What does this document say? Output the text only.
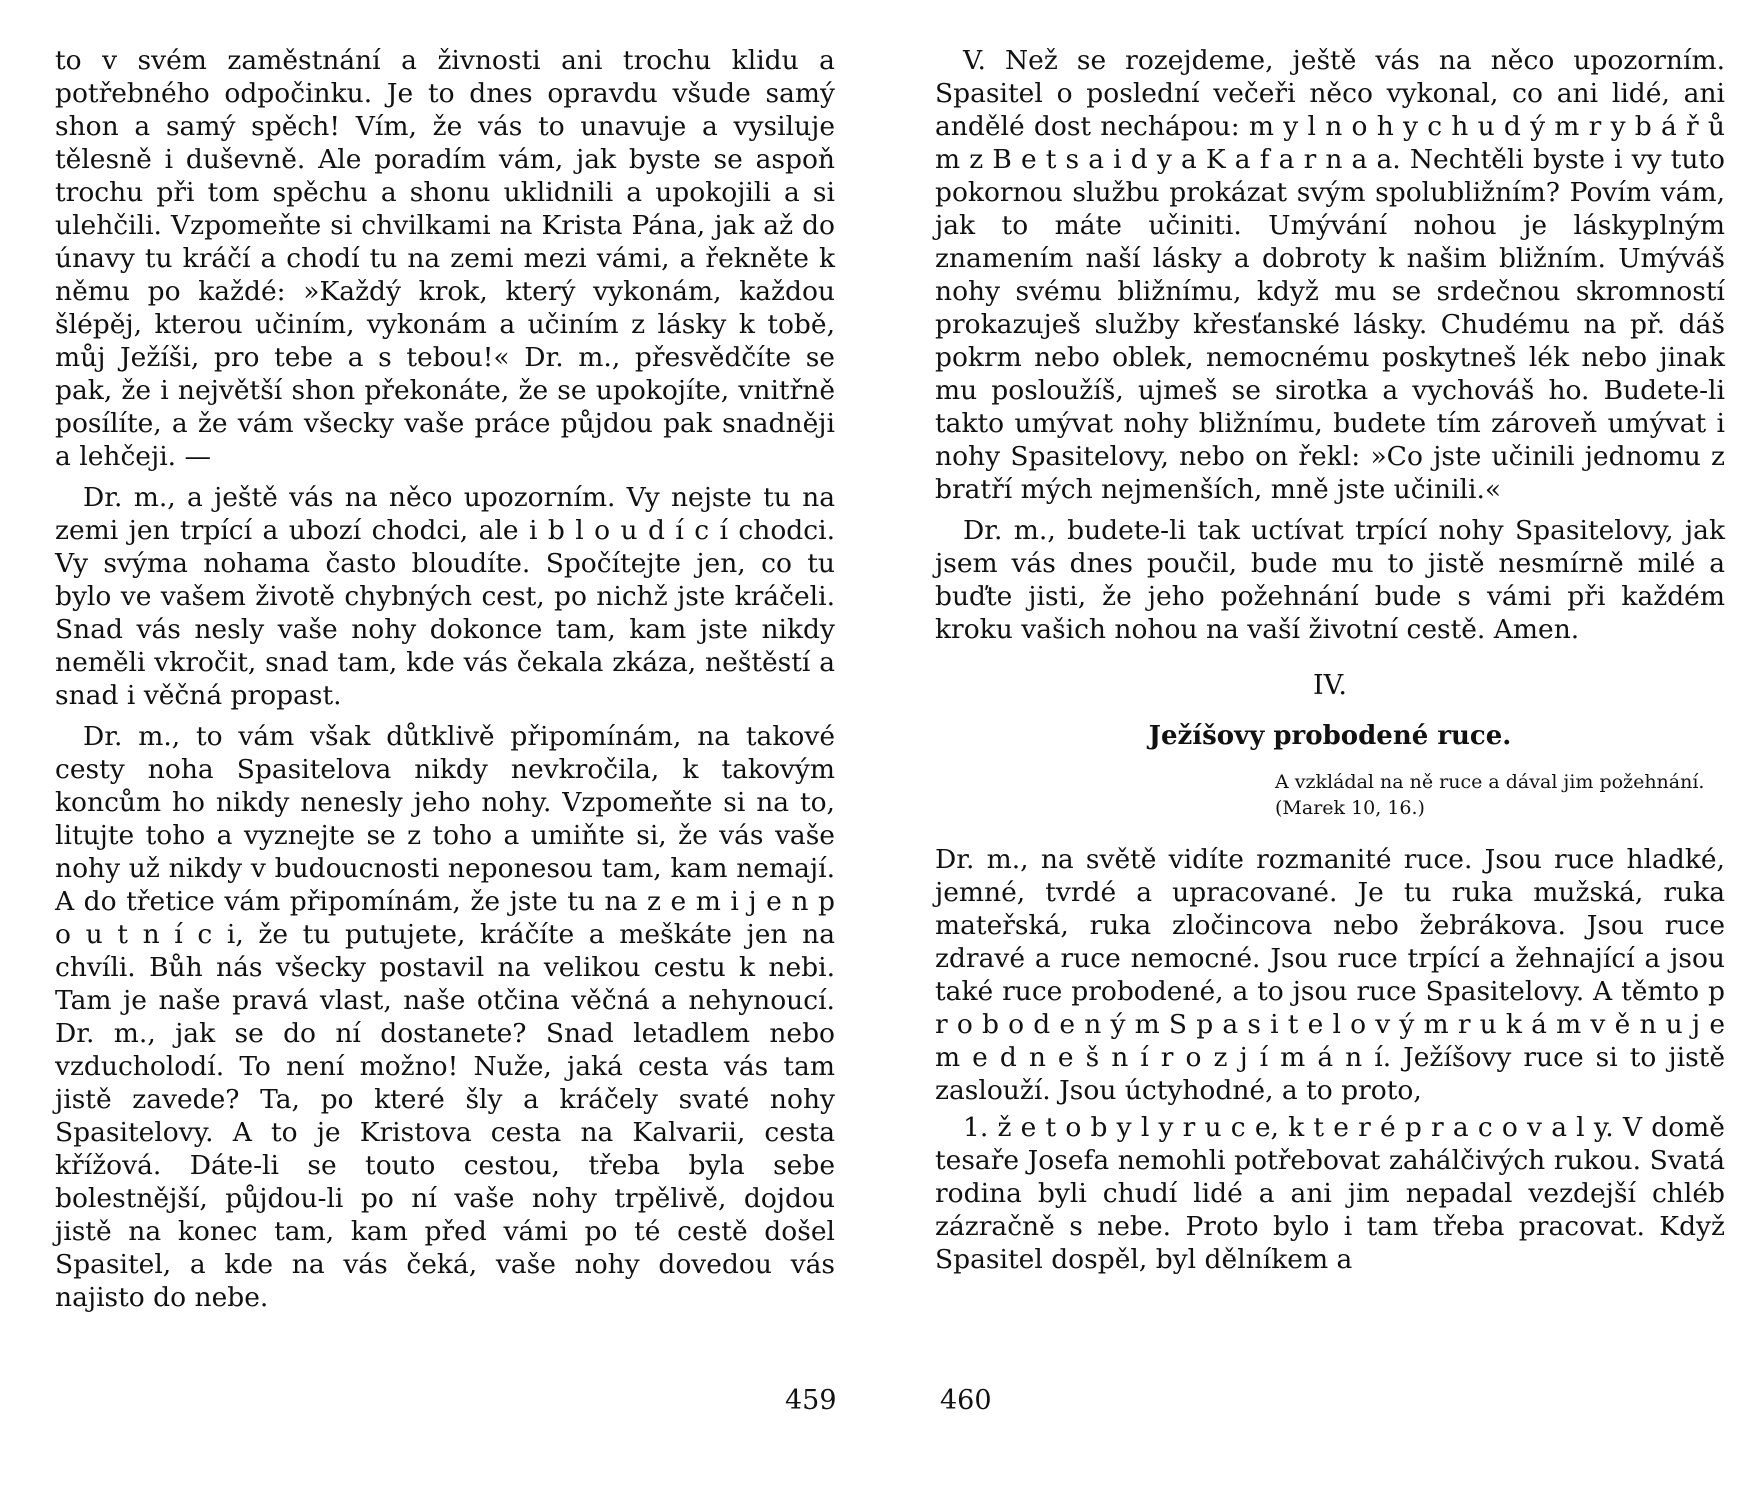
to v svém zaměstnání a živnosti ani trochu klidu a potřebného odpočinku. Je to dnes opravdu všude samý shon a samý spěch! Vím, že vás to unavuje a vysiluje tělesně i duševně. Ale poradím vám, jak byste se aspoň trochu při tom spěchu a shonu uklidnili a upokojili a si ulehčili. Vzpomeňte si chvilkami na Krista Pána, jak až do únavy tu kráčí a chodí tu na zemi mezi vámi, a řekněte k němu po každé: »Každý krok, který vykonám, každou šlépěj, kterou učiním, vykonám a učiním z lásky k tobě, můj Ježíši, pro tebe a s tebou!« Dr. m., přesvědčíte se pak, že i největší shon překonáte, že se upokojíte, vnitřně posílíte, a že vám všecky vaše práce půjdou pak snadněji a lehčeji. —

Dr. m., a ještě vás na něco upozorním. Vy nejste tu na zemi jen trpící a ubozí chodci, ale i b l o u d í c í chodci. Vy svýma nohama často bloudíte. Spočítejte jen, co tu bylo ve vašem životě chybných cest, po nichž jste kráčeli. Snad vás nesly vaše nohy dokonce tam, kam jste nikdy neměli vkročit, snad tam, kde vás čekala zkáza, neštěstí a snad i věčná propast.

Dr. m., to vám však důtklivě připomínám, na takové cesty noha Spasitelova nikdy nevkročila, k takovým koncům ho nikdy nenesly jeho nohy. Vzpomeňte si na to, litujte toho a vyznejte se z toho a umiňte si, že vás vaše nohy už nikdy v budoucnosti neponesou tam, kam nemají. A do třetice vám připomínám, že jste tu na z e m i j e n p o u t n í c i, že tu putujete, kráčíte a meškáte jen na chvíli. Bůh nás všecky postavil na velikou cestu k nebi. Tam je naše pravá vlast, naše otčina věčná a nehynoucí. Dr. m., jak se do ní dostanete? Snad letadlem nebo vzducholodí. To není možno! Nuže, jaká cesta vás tam jistě zavede? Ta, po které šly a kráčely svaté nohy Spasitelovy. A to je Kristova cesta na Kalvarii, cesta křížová. Dáte-li se touto cestou, třeba byla sebe bolestnější, půjdou-li po ní vaše nohy trpělivě, dojdou jistě na konec tam, kam před vámi po té cestě došel Spasitel, a kde na vás čeká, vaše nohy dovedou vás najisto do nebe.

459

V. Než se rozejdeme, ještě vás na něco upozorním. Spasitel o poslední večeři něco vykonal, co ani lidé, ani andělé dost nechápou: m y l n o h y c h u d ý m r y b á ř ů m z B e t s a i d y a K a f a r n a a. Nechtěli byste i vy tuto pokornou službu prokázat svým spolubližním? Povím vám, jak to máte učiniti. Umývání nohou je láskyplným znamením naší lásky a dobroty k našim bližním. Umýváš nohy svému bližnímu, když mu se srdečnou skromností prokazuješ služby křesťanské lásky. Chudému na př. dáš pokrm nebo oblek, nemocnému poskytneš lék nebo jinak mu posloužíš, ujmeš se sirotka a vychováš ho. Budete-li takto umývat nohy bližnímu, budete tím zároveň umývat i nohy Spasitelovy, nebo on řekl: »Co jste učinili jednomu z bratří mých nejmenších, mně jste učinili.«

Dr. m., budete-li tak uctívat trpící nohy Spasitelovy, jak jsem vás dnes poučil, bude mu to jistě nesmírně milé a buďte jisti, že jeho požehnání bude s vámi při každém kroku vašich nohou na vaší životní cestě. Amen.

IV.
Ježíšovy probodené ruce.
A vzkládal na ně ruce a dával jim požehnání. (Marek 10, 16.)

Dr. m., na světě vidíte rozmanité ruce. Jsou ruce hladké, jemné, tvrdé a upracované. Je tu ruka mužská, ruka mateřská, ruka zločincova nebo žebrákova. Jsou ruce zdravé a ruce nemocné. Jsou ruce trpící a žehnající a jsou také ruce probodené, a to jsou ruce Spasitelovy. A těmto p r o b o d e n ý m S p a s i t e l o v ý m r u k á m v ě n u j e m e d n e š n í r o z j í m á n í. Ježíšovy ruce si to jistě zaslouží. Jsou úctyhodné, a to proto,

1. ž e t o b y l y r u c e, k t e r é p r a c o v a l y. V domě tesaře Josefa nemohli potřebovat zahálčivých rukou. Svatá rodina byli chudí lidé a ani jim nepadal vezdejší chléb zázračně s nebe. Proto bylo i tam třeba pracovat. Když Spasitel dospěl, byl dělníkem a

460
